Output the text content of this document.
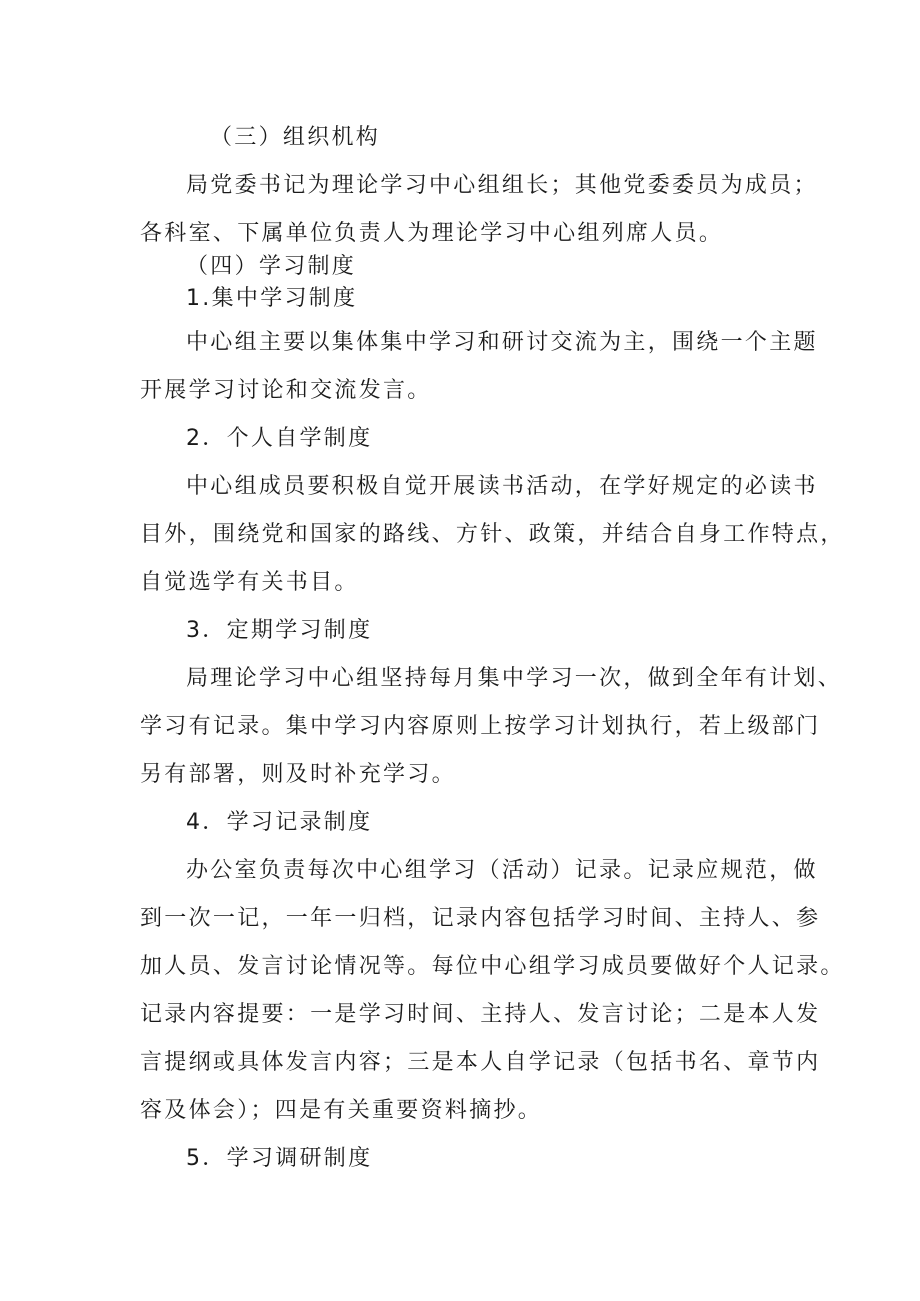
（三）组织机构
局党委书记为理论学习中心组组长；其他党委委员为成员；
各科室、下属单位负责人为理论学习中心组列席人员。
（四）学习制度
1.集中学习制度
中心组主要以集体集中学习和研讨交流为主，围绕一个主题
开展学习讨论和交流发言。
2．个人自学制度
中心组成员要积极自觉开展读书活动，在学好规定的必读书
目外，围绕党和国家的路线、方针、政策，并结合自身工作特点，
自觉选学有关书目。
3．定期学习制度
局理论学习中心组坚持每月集中学习一次，做到全年有计划、
学习有记录。集中学习内容原则上按学习计划执行，若上级部门
另有部署，则及时补充学习。
4．学习记录制度
办公室负责每次中心组学习（活动）记录。记录应规范，做
到一次一记，一年一归档，记录内容包括学习时间、主持人、参
加人员、发言讨论情况等。每位中心组学习成员要做好个人记录。
记录内容提要：一是学习时间、主持人、发言讨论；二是本人发
言提纲或具体发言内容；三是本人自学记录（包括书名、章节内
容及体会）；四是有关重要资料摘抄。
5．学习调研制度
